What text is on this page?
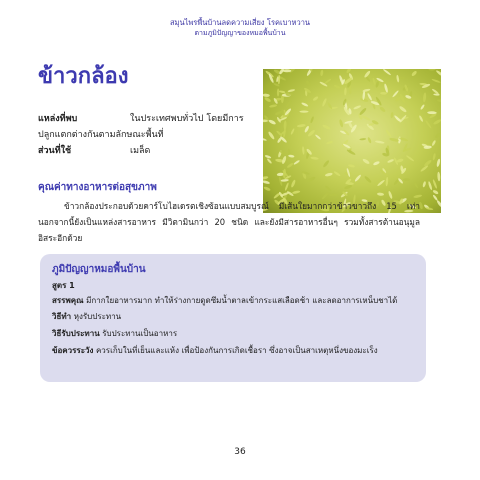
สมุนไพรพื้นบ้านลดความเสี่ยง โรคเบาหวาน
ตามภูมิปัญญาของหมอพื้นบ้าน
ข้าวกล้อง
แหล่งที่พบ	ในประเทศพบทั่วไป โดยมีการ
ปลูกแตกต่างกันตามลักษณะพื้นที่
ส่วนที่ใช้	เมล็ด
คุณค่าทางอาหารต่อสุขภาพ
ข้าวกล้องประกอบด้วยคาร์โบไฮเดรตเชิงซ้อนแบบสมบูรณ์ มีเส้นใยมากกว่าข้าวขาวถึง 15 เท่า นอกจากนี้ยังเป็นแหล่งสารอาหาร มีวิตามินกว่า 20 ชนิด และยังมีสารอาหารอื่นๆ รวมทั้งสารต้านอนุมูลอิสระอีกด้วย
ภูมิปัญญาหมอพื้นบ้าน
สูตร 1
สรรพคุณ มีกากใยอาหารมาก ทำให้ร่างกายดูดซึมน้ำตาลเข้ากระแสเลือดช้า และลดอาการเหน็บชาได้
วิธีทำ หุงรับประทาน
วิธีรับประทาน รับประทานเป็นอาหาร
ข้อควรระวัง ควรเก็บในที่เย็นและแห้ง เพื่อป้องกันการเกิดเชื้อรา ซึ่งอาจเป็นสาเหตุหนึ่งของมะเร็ง
36
